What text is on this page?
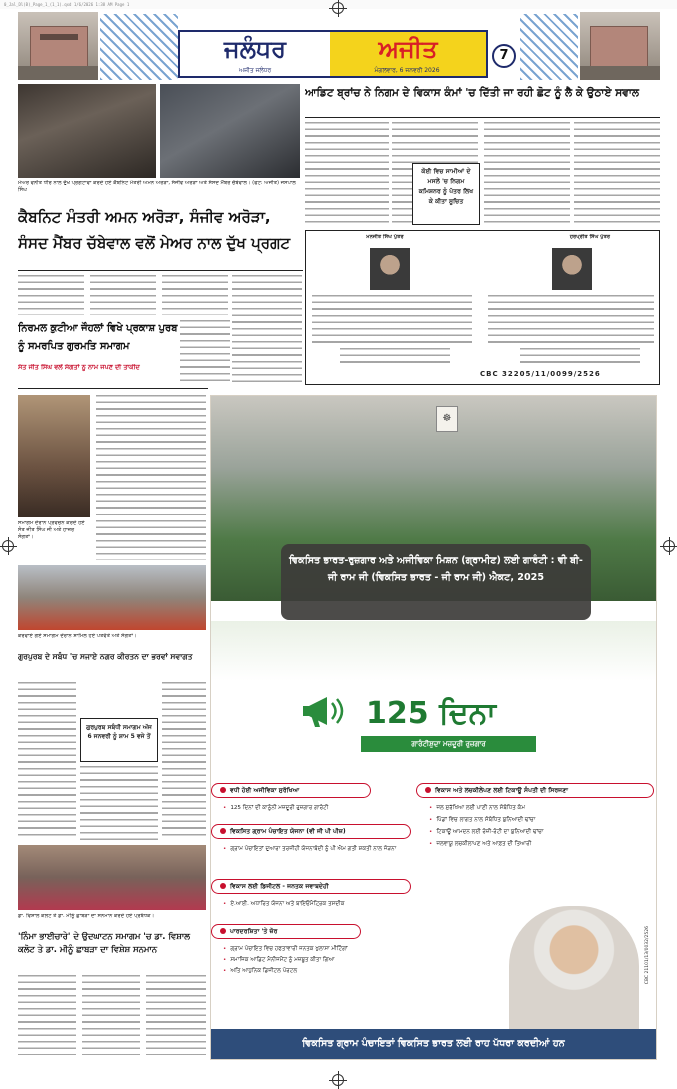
0_Jal_Dl(B)_Page_1_(1_1).qxd 1/6/2026 1:38 AM Page 1
ਜਲੰਧਰ	ਅਜੀਤ
ਅਜੀਤ ਜਲੰਧਰ	ਮੰਗਲਵਾਰ, 6 ਜਨਵਰੀ 2026
7
ਮੇਅਰ ਵਨੀਤ ਧੀਰ ਨਾਲ ਦੁੱਖ ਪ੍ਰਗਟਾਵਾ ਕਰਦੇ ਹੋਏ ਕੈਬਨਿਟ ਮੰਤਰੀ ਅਮਨ ਅਰੋੜਾ, ਸੰਜੀਵ ਅਰੋੜਾ ਅਤੇ ਸੰਸਦ ਮੈਂਬਰ ਚੱਬੇਵਾਲ। (ਫੋਟੋ: ਅਜੀਤ) ਜਸਪਾਲ ਸਿੰਘ
ਕੈਬਨਿਟ ਮੰਤਰੀ ਅਮਨ ਅਰੋੜਾ, ਸੰਜੀਵ ਅਰੋੜਾ, ਸੰਸਦ ਮੈਂਬਰ ਚੱਬੇਵਾਲ ਵਲੋਂ ਮੇਅਰ ਨਾਲ ਦੁੱਖ ਪ੍ਰਗਟ
ਨਿਰਮਲ ਕੁਟੀਆ ਜੌਹਲਾਂ ਵਿਖੇ ਪ੍ਰਕਾਸ਼ ਪੁਰਬ ਨੂੰ ਸਮਰਪਿਤ ਗੁਰਮਤਿ ਸਮਾਗਮ
ਸੰਤ ਜੀਤ ਸਿੰਘ ਵਲੋਂ ਸੰਗਤਾਂ ਨੂੰ ਨਾਮ ਜਪਣ ਦੀ ਤਾਕੀਦ
ਸਮਾਗਮ ਦੌਰਾਨ ਪ੍ਰਵਚਨ ਕਰਦੇ ਹੋਏ ਸੰਤ ਜੀਤ ਸਿੰਘ ਜੀ ਅਤੇ ਹਾਜ਼ਰ ਸੰਗਤਾਂ।
ਕਰਵਾਏ ਗਏ ਸਮਾਗਮ ਦੌਰਾਨ ਸ਼ਾਮਿਲ ਹੋਏ ਪਤਵੰਤੇ ਅਤੇ ਸੰਗਤਾਂ।
ਗੁਰਪੁਰਬ ਦੇ ਸਬੰਧ 'ਚ ਸਜਾਏ ਨਗਰ ਕੀਰਤਨ ਦਾ ਭਰਵਾਂ ਸਵਾਗਤ
ਗੁਰਪੁਰਬ ਸਬੰਧੀ ਸਮਾਗਮ ਅੱਜ 6 ਜਨਵਰੀ ਨੂੰ ਸ਼ਾਮ 5 ਵਜੇ ਤੋਂ
ਡਾ. ਵਿਸ਼ਾਲ ਕਲੋਟ ਤੇ ਡਾ. ਮੀਨੂੰ ਛਾਬੜਾ ਦਾ ਸਨਮਾਨ ਕਰਦੇ ਹੋਏ ਪ੍ਰਬੰਧਕ।
'ਨਿੰਮਾ ਭਾਈਚਾਰੇ' ਦੇ ਉਦਘਾਟਨ ਸਮਾਗਮ 'ਚ ਡਾ. ਵਿਸ਼ਾਲ ਕਲੋਟ ਤੇ ਡਾ. ਮੀਨੂੰ ਛਾਬੜਾ ਦਾ ਵਿਸ਼ੇਸ਼ ਸਨਮਾਨ
ਆਡਿਟ ਬ੍ਰਾਂਚ ਨੇ ਨਿਗਮ ਦੇ ਵਿਕਾਸ ਕੰਮਾਂ 'ਚ ਦਿੱਤੀ ਜਾ ਰਹੀ ਛੋਟ ਨੂੰ ਲੈ ਕੇ ਉਠਾਏ ਸਵਾਲ
ਕੋਈ ਵਿਚ ਸਾਮੀਆਂ ਦੇ ਮਸਲੇ 'ਚ ਨਿਗਮ ਕਮਿਸ਼ਨਰ ਨੂੰ ਪੱਤਰ ਲਿਖ ਕੇ ਕੀਤਾ ਸੂਚਿਤ
ਮਨਜੀਤ ਸਿੰਘ ਪੁੱਤਰ	ਹਰਪ੍ਰੀਤ ਸਿੰਘ ਪੁੱਤਰ
CBC 32205/11/0099/2526
☸
ਵਿਕਸਿਤ ਭਾਰਤ-ਰੁਜ਼ਗਾਰ ਅਤੇ ਅਜੀਵਿਕਾ ਮਿਸ਼ਨ (ਗ੍ਰਾਮੀਣ) ਲਈ ਗਾਰੰਟੀ : ਵੀ ਬੀ-ਜੀ ਰਾਮ ਜੀ (ਵਿਕਸਿਤ ਭਾਰਤ - ਜੀ ਰਾਮ ਜੀ) ਐਕਟ, 2025
125 ਦਿਨਾ
ਗਾਰੰਟੀਸ਼ੁਦਾ ਮਜ਼ਦੂਰੀ ਰੁਜ਼ਗਾਰ
ਵਧੀ ਹੋਈ ਅਜੀਵਿਕਾ ਸੁਰੱਖਿਆ
• 125 ਦਿਨਾਂ ਦੀ ਕਾਨੂੰਨੀ ਮਜ਼ਦੂਰੀ ਰੁਜ਼ਗਾਰ ਗਾਰੰਟੀ
ਵਿਕਸਿਤ ਗ੍ਰਾਮ ਪੰਚਾਇਤ ਯੋਜਨਾ (ਵੀ ਜੀ ਪੀ ਪੀਜ਼)
• ਗ੍ਰਾਮ ਪੰਚਾਇਤਾਂ ਦੁਆਰਾ ਤਰਜੀਹੀ ਯੋਜਨਾਬੰਦੀ ਨੂੰ ਪੀ ਐਮ ਗਤੀ ਸ਼ਕਤੀ ਨਾਲ ਜੋੜਨਾ
ਵਿਕਾਸ ਲਈ ਡਿਜੀਟਲ - ਜਨਤਕ ਜਵਾਬਦੇਹੀ
• ਏ.ਆਈ. ਅਧਾਰਿਤ ਯੋਜਨਾ ਅਤੇ ਬਾਇਓਮੈਟ੍ਰਿਕ ਤਸਦੀਕ
ਪਾਰਦਰਸ਼ਿਤਾ 'ਤੇ ਜ਼ੋਰ
• ਗ੍ਰਾਮ ਪੰਚਾਇਤ ਵਿਚ ਹਫਤਾਵਾਰੀ ਜਨਤਕ ਖੁਲਾਸਾ ਮੀਟਿੰਗਾਂ
• ਸਮਾਜਿਕ ਆਡਿਟ ਮੈਨੀਜਮੈਂਟ ਨੂੰ ਮਜ਼ਬੂਤ ਕੀਤਾ ਗਿਆ
• ਅਤਿ ਆਧੁਨਿਕ ਡਿਜੀਟਲ ਪੋਰਟਲ
ਵਿਕਾਸ ਅਤੇ ਲਚਕੀਲੇਪਣ ਲਈ ਟਿਕਾਊ ਸੰਪਤੀ ਦੀ ਸਿਰਜਣਾ
• ਜਲ ਸੁਰੱਖਿਆ ਲਈ ਪਾਣੀ ਨਾਲ ਸੰਬੰਧਿਤ ਕੰਮ
• ਪਿੰਡਾਂ ਵਿਚ ਲਾਗਤ ਨਾਲ ਸੰਬੰਧਿਤ ਬੁਨਿਆਦੀ ਢਾਂਚਾ
• ਟਿਕਾਊ ਆਮਦਨ ਲਈ ਰੋਜ਼ੀ-ਰੋਟੀ ਦਾ ਬੁਨਿਆਦੀ ਢਾਂਚਾ
• ਜਲਵਾਯੂ ਲਚਕੀਲਾਪਣ ਅਤੇ ਆਫ਼ਤ ਦੀ ਤਿਆਰੀ
CBC 21101/13/0032/2526
ਵਿਕਸਿਤ ਗ੍ਰਾਮ ਪੰਚਾਇਤਾਂ ਵਿਕਸਿਤ ਭਾਰਤ ਲਈ ਰਾਹ ਪੱਧਰਾ ਕਰਦੀਆਂ ਹਨ
